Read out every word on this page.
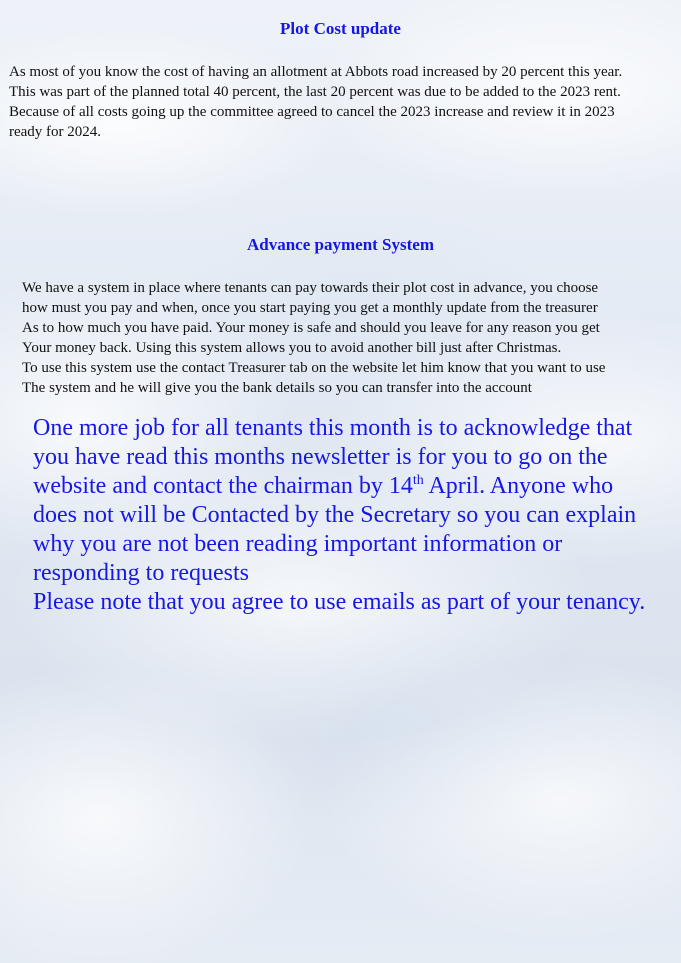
Plot Cost update

As most of you know the cost of having an allotment at Abbots road increased by 20 percent this year.
This was part of the planned total 40 percent, the last 20 percent was due to be added to the 2023 rent.
Because of all costs going up the committee agreed to cancel the 2023 increase and review it in 2023
ready for 2024.

Advance payment System

We have a system in place where tenants can pay towards their plot cost in advance, you choose
how must you pay and when, once you start paying you get a monthly update from the treasurer
As to how much you have paid. Your money is safe and should you leave for any reason you get
Your money back. Using this system allows you to avoid another bill just after Christmas.
To use this system use the contact Treasurer tab on the website let him know that you want to use
The system and he will give you the bank details so you can transfer into the account

One more job for all tenants this month is to acknowledge that
you have read this months newsletter is for you to go on the
website and contact the chairman by 14th April. Anyone who
does not will be Contacted by the Secretary so you can explain
why you are not been reading important information or
responding to requests
Please note that you agree to use emails as part of your tenancy.
